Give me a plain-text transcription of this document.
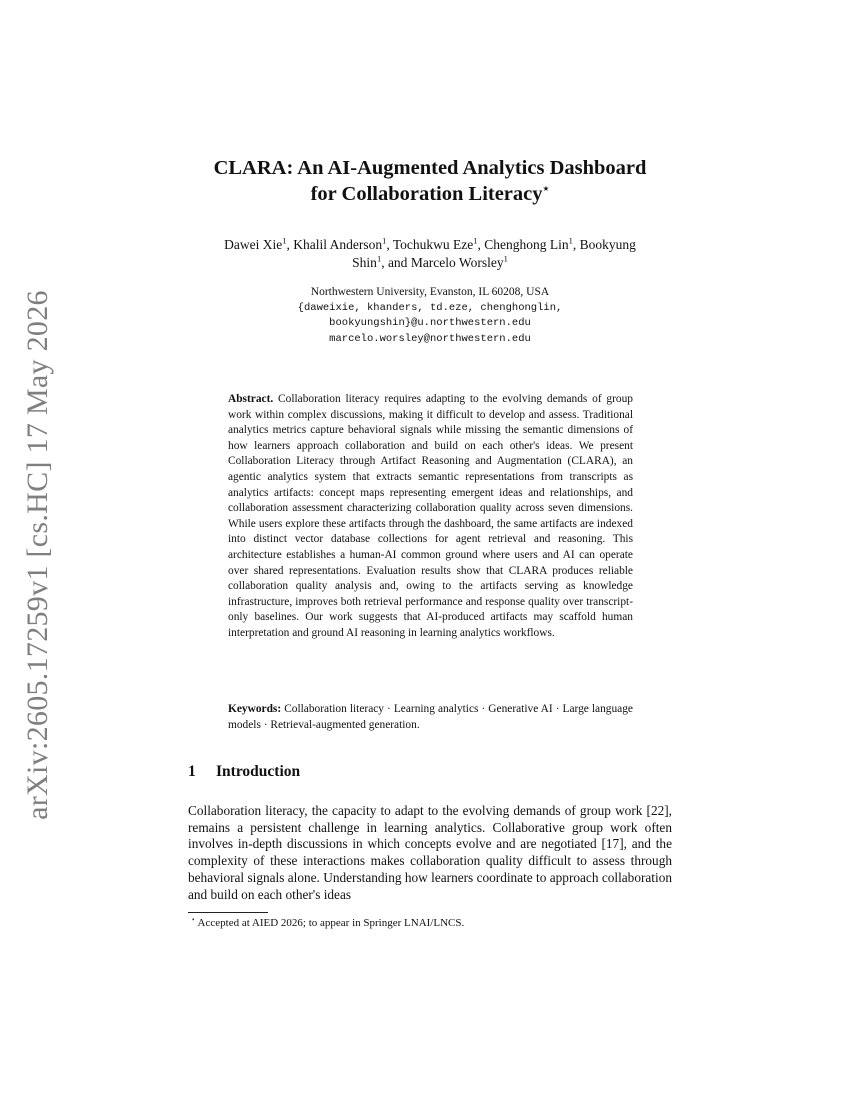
arXiv:2605.17259v1 [cs.HC] 17 May 2026
CLARA: An AI-Augmented Analytics Dashboard
for Collaboration Literacy⋆
Dawei Xie$^1$, Khalil Anderson$^1$, Tochukwu Eze$^1$, Chenghong Lin$^1$, Bookyung
Shin$^1$, and Marcelo Worsley$^1$
Northwestern University, Evanston, IL 60208, USA
{daweixie, khanders, td.eze, chenghonglin,
bookyungshin}@u.northwestern.edu
marcelo.worsley@northwestern.edu
Abstract. Collaboration literacy requires adapting to the evolving demands of group work within complex discussions, making it difficult to develop and assess. Traditional analytics metrics capture behavioral signals while missing the semantic dimensions of how learners approach collaboration and build on each other's ideas. We present Collaboration Literacy through Artifact Reasoning and Augmentation (CLARA), an agentic analytics system that extracts semantic representations from transcripts as analytics artifacts: concept maps representing emergent ideas and relationships, and collaboration assessment characterizing collaboration quality across seven dimensions. While users explore these artifacts through the dashboard, the same artifacts are indexed into distinct vector database collections for agent retrieval and reasoning. This architecture establishes a human-AI common ground where users and AI can operate over shared representations. Evaluation results show that CLARA produces reliable collaboration quality analysis and, owing to the artifacts serving as knowledge infrastructure, improves both retrieval performance and response quality over transcript-only baselines. Our work suggests that AI-produced artifacts may scaffold human interpretation and ground AI reasoning in learning analytics workflows.
Keywords: Collaboration literacy · Learning analytics · Generative AI · Large language models · Retrieval-augmented generation.
1 Introduction
Collaboration literacy, the capacity to adapt to the evolving demands of group work [22], remains a persistent challenge in learning analytics. Collaborative group work often involves in-depth discussions in which concepts evolve and are negotiated [17], and the complexity of these interactions makes collaboration quality difficult to assess through behavioral signals alone. Understanding how learners coordinate to approach collaboration and build on each other's ideas
⋆ Accepted at AIED 2026; to appear in Springer LNAI/LNCS.
